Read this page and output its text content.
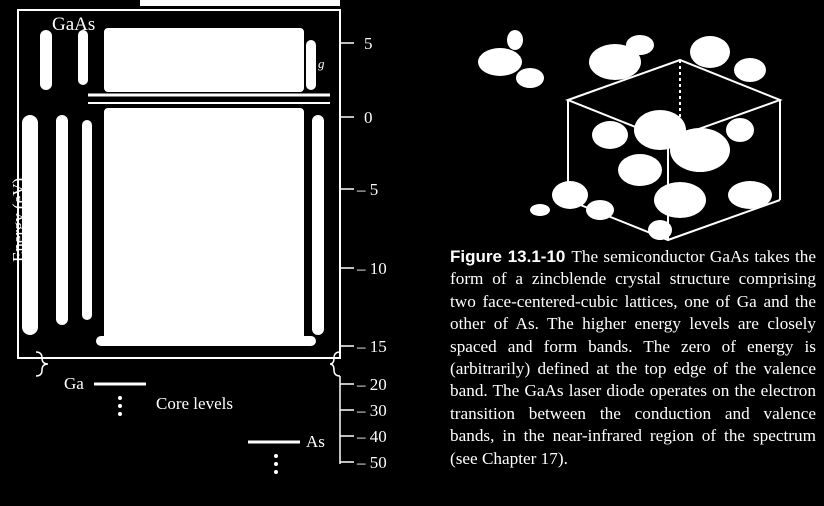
GaAs
g
Energy (eV)
5
0
– 5
– 10
– 15
– 20
– 30
– 40
– 50
Ga
Core levels
As
Figure 13.1-10 The semiconductor GaAs takes the form of a zincblende crystal structure comprising two face-centered-cubic lattices, one of Ga and the other of As. The higher energy levels are closely spaced and form bands. The zero of energy is (arbitrarily) defined at the top edge of the valence band. The GaAs laser diode operates on the electron transition between the conduction and valence bands, in the near-infrared region of the spectrum (see Chapter 17).
